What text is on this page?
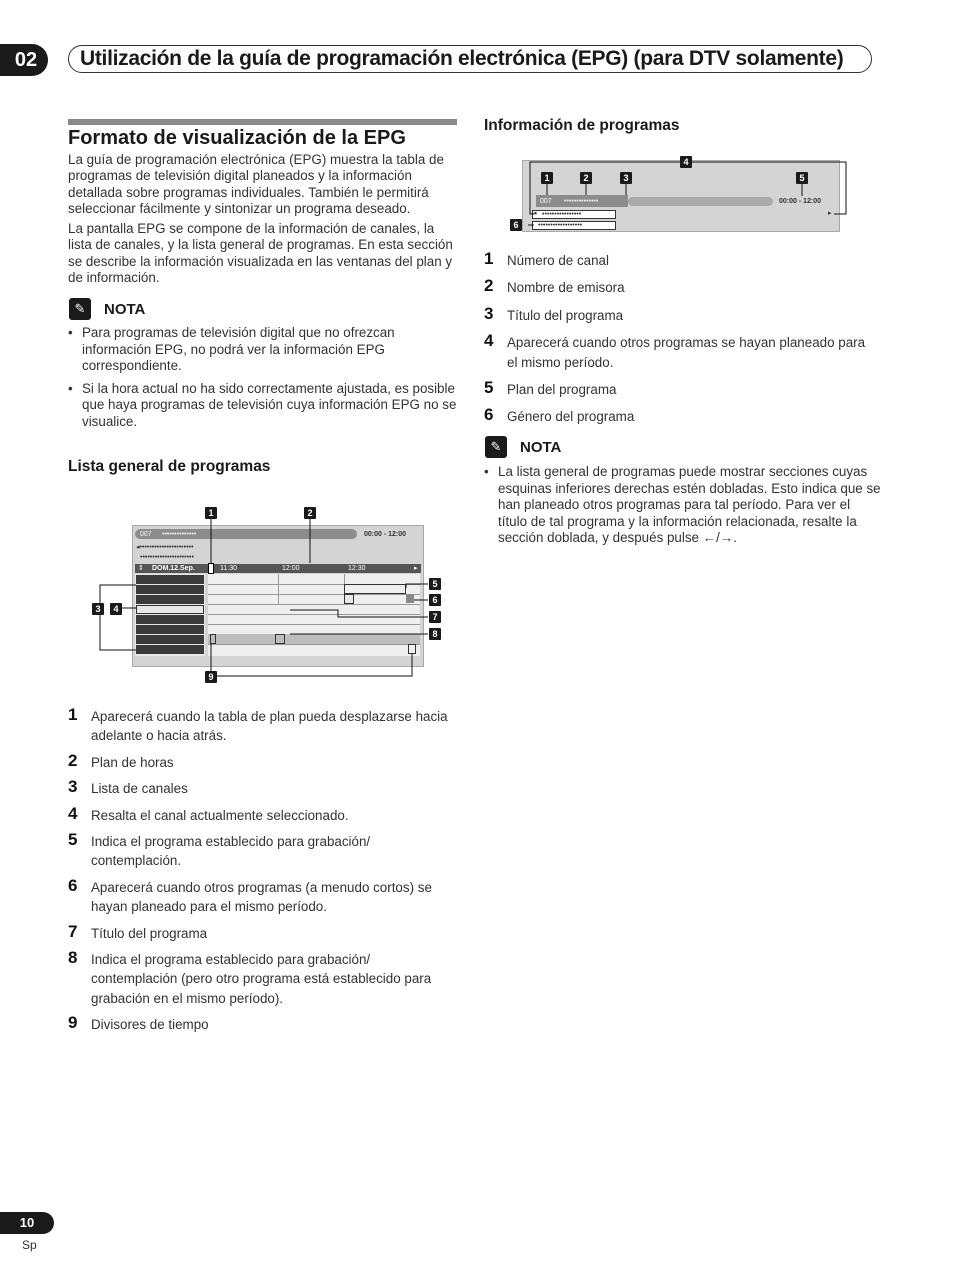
02	Utilización de la guía de programación electrónica (EPG) (para DTV solamente)
Formato de visualización de la EPG
La guía de programación electrónica (EPG) muestra la tabla de programas de televisión digital planeados y la información detallada sobre programas individuales. También le permitirá seleccionar fácilmente y sintonizar un programa deseado.
La pantalla EPG se compone de la información de canales, la lista de canales, y la lista general de programas. En esta sección se describe la información visualizada en las ventanas del plan y de información.
✎	NOTA
• Para programas de televisión digital que no ofrezcan información EPG, no podrá ver la información EPG correspondiente.
• Si la hora actual no ha sido correctamente ajustada, es posible que haya programas de televisión cuya información EPG no se visualice.
Lista general de programas
007 ••••••••••••••	00:00 - 12:00
◂••••••••••••••••••••••
••••••••••••••••••••••
⇕ DOM.12.Sep.	11:30	12:00	12:30	▸
1	2
3	4
5
6
7
8
9
1 Aparecerá cuando la tabla de plan pueda desplazarse hacia adelante o hacia atrás.
2 Plan de horas
3 Lista de canales
4 Resalta el canal actualmente seleccionado.
5 Indica el programa establecido para grabación/ contemplación.
6 Aparecerá cuando otros programas (a menudo cortos) se hayan planeado para el mismo período.
7 Título del programa
8 Indica el programa establecido para grabación/ contemplación (pero otro programa está establecido para grabación en el mismo período).
9 Divisores de tiempo
Información de programas
007 ••••••••••••••	00:00 - 12:00
••••••••••••••••
◂	▸
••••••••••••••••••
1	2	3
4
5
6
1 Número de canal
2 Nombre de emisora
3 Título del programa
4 Aparecerá cuando otros programas se hayan planeado para el mismo período.
5 Plan del programa
6 Género del programa
✎	NOTA
• La lista general de programas puede mostrar secciones cuyas esquinas inferiores derechas estén dobladas. Esto indica que se han planeado otros programas para tal período. Para ver el título de tal programa y la información relacionada, resalte la sección doblada, y después pulse ←/→.
10
Sp
